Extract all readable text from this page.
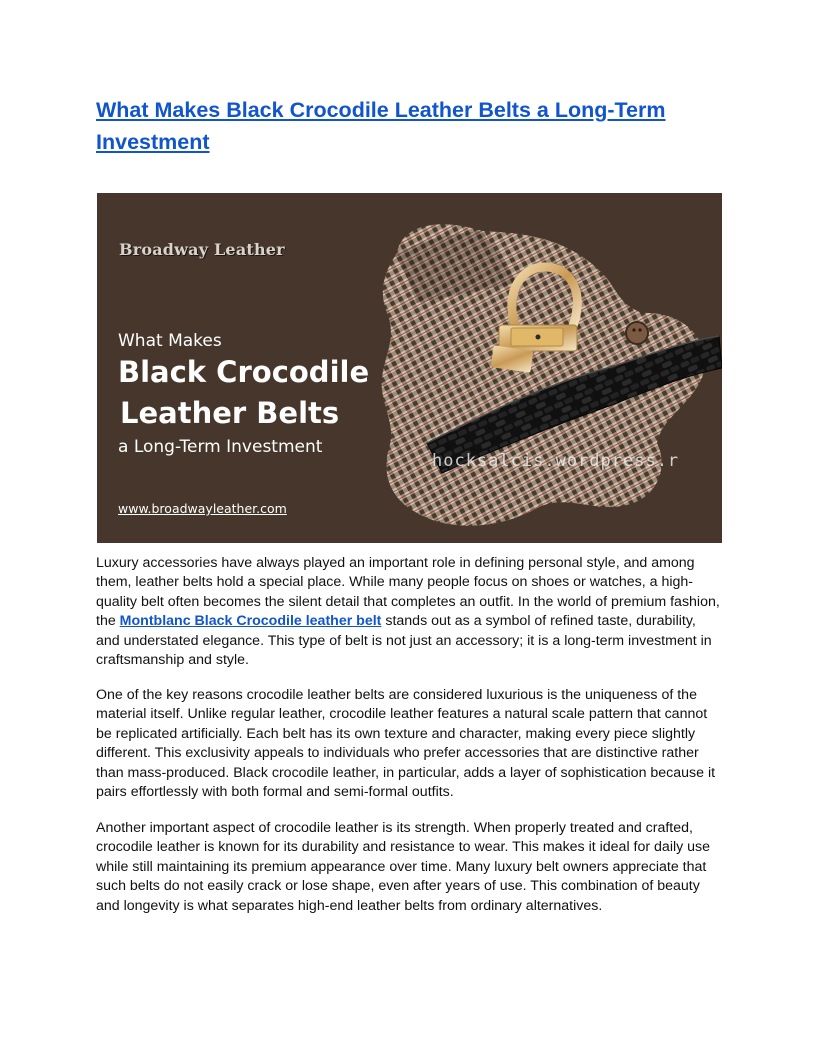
What Makes Black Crocodile Leather Belts a Long-Term Investment
Broadway Leather
What Makes
Black Crocodile
Leather Belts
a Long-Term Investment
www.broadwayleather.com
hocksalcis.wordpress.r

Luxury accessories have always played an important role in defining personal style, and among them, leather belts hold a special place. While many people focus on shoes or watches, a high-quality belt often becomes the silent detail that completes an outfit. In the world of premium fashion, the Montblanc Black Crocodile leather belt stands out as a symbol of refined taste, durability, and understated elegance. This type of belt is not just an accessory; it is a long-term investment in craftsmanship and style.

One of the key reasons crocodile leather belts are considered luxurious is the uniqueness of the material itself. Unlike regular leather, crocodile leather features a natural scale pattern that cannot be replicated artificially. Each belt has its own texture and character, making every piece slightly different. This exclusivity appeals to individuals who prefer accessories that are distinctive rather than mass-produced. Black crocodile leather, in particular, adds a layer of sophistication because it pairs effortlessly with both formal and semi-formal outfits.

Another important aspect of crocodile leather is its strength. When properly treated and crafted, crocodile leather is known for its durability and resistance to wear. This makes it ideal for daily use while still maintaining its premium appearance over time. Many luxury belt owners appreciate that such belts do not easily crack or lose shape, even after years of use. This combination of beauty and longevity is what separates high-end leather belts from ordinary alternatives.
